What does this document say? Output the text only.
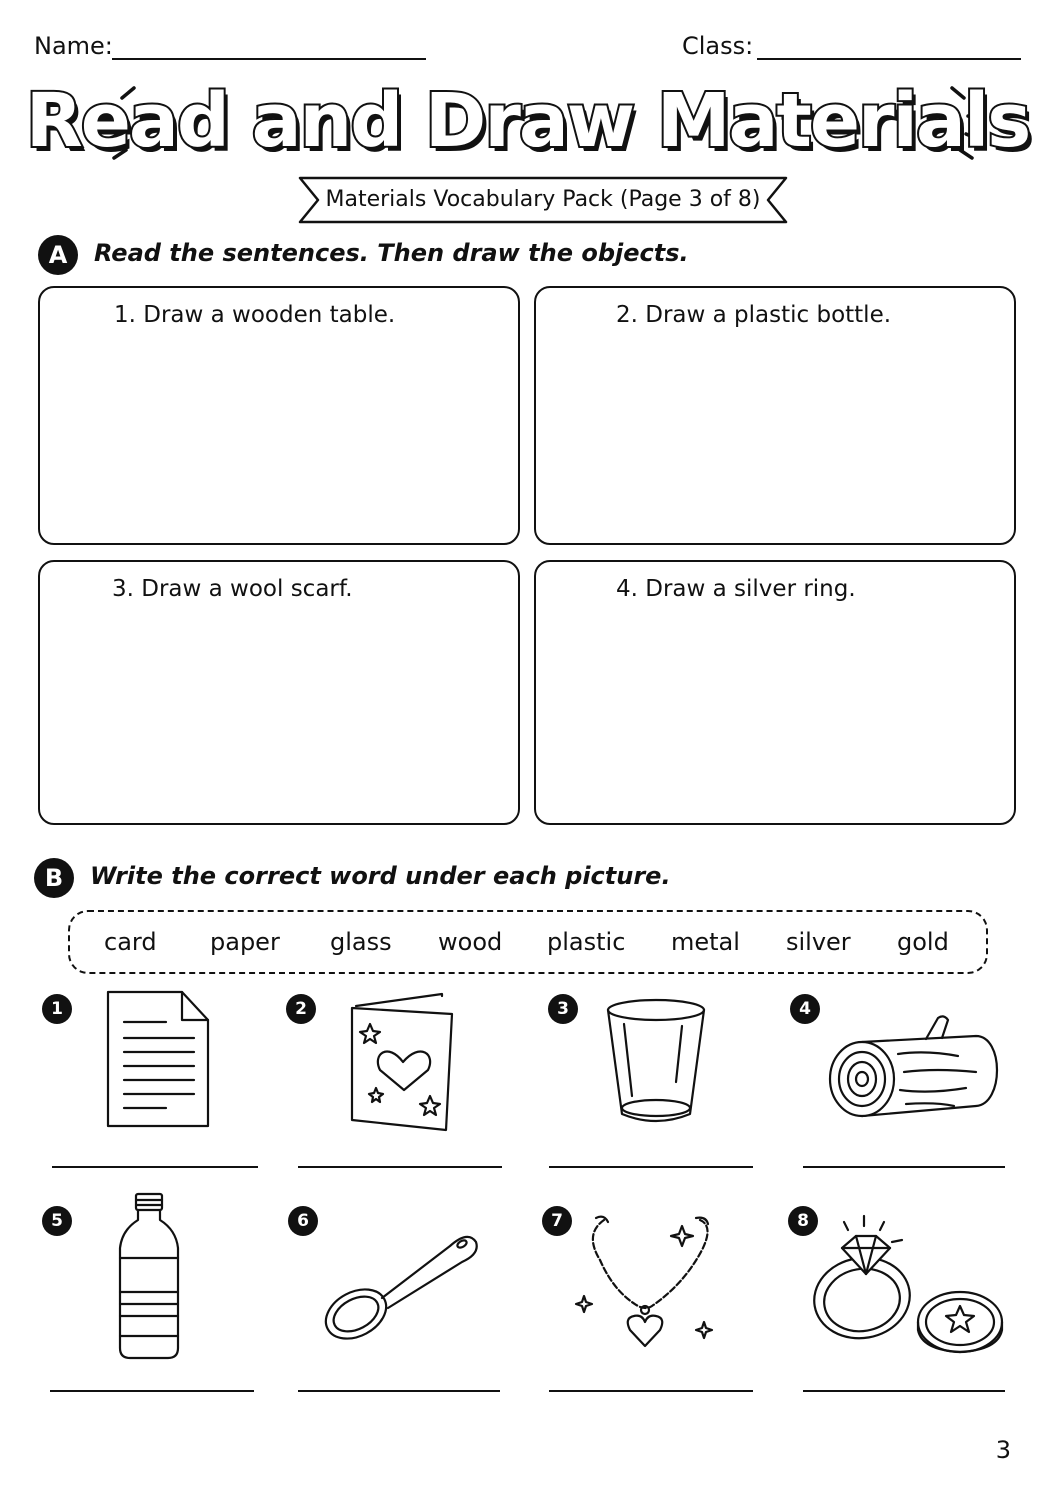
Name:	Class:
Read and Draw Materials
Materials Vocabulary Pack (Page 3 of 8)
A	Read the sentences. Then draw the objects.
1. Draw a wooden table.	2. Draw a plastic bottle.
3. Draw a wool scarf.	4. Draw a silver ring.
B	Write the correct word under each picture.
card paper glass wood plastic metal silver gold
1	2	3	4
5	6	7	8
3
